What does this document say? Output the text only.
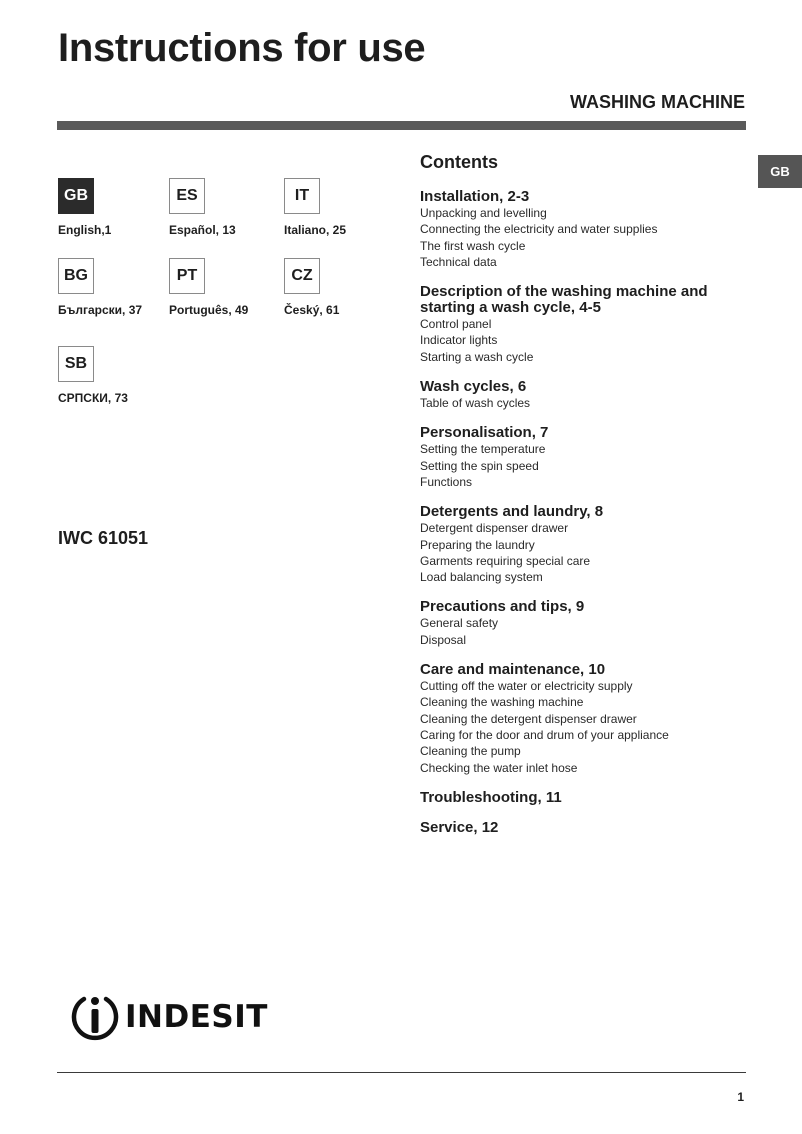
Instructions for use
WASHING MACHINE
GB
GB
English,1
ES
Español, 13
IT
Italiano, 25
BG
Български, 37
PT
Português, 49
CZ
Český, 61
SB
СРПСКИ, 73
IWC 61051
Contents
Installation, 2-3
Unpacking and levelling
Connecting the electricity and water supplies
The first wash cycle
Technical data
Description of the washing machine and starting a wash cycle, 4-5
Control panel
Indicator lights
Starting a wash cycle
Wash cycles, 6
Table of wash cycles
Personalisation, 7
Setting the temperature
Setting the spin speed
Functions
Detergents and laundry, 8
Detergent dispenser drawer
Preparing the laundry
Garments requiring special care
Load balancing system
Precautions and tips, 9
General safety
Disposal
Care and maintenance, 10
Cutting off the water or electricity supply
Cleaning the washing machine
Cleaning the detergent dispenser drawer
Caring for the door and drum of your appliance
Cleaning the pump
Checking the water inlet hose
Troubleshooting, 11
Service, 12
INDESIT
1
